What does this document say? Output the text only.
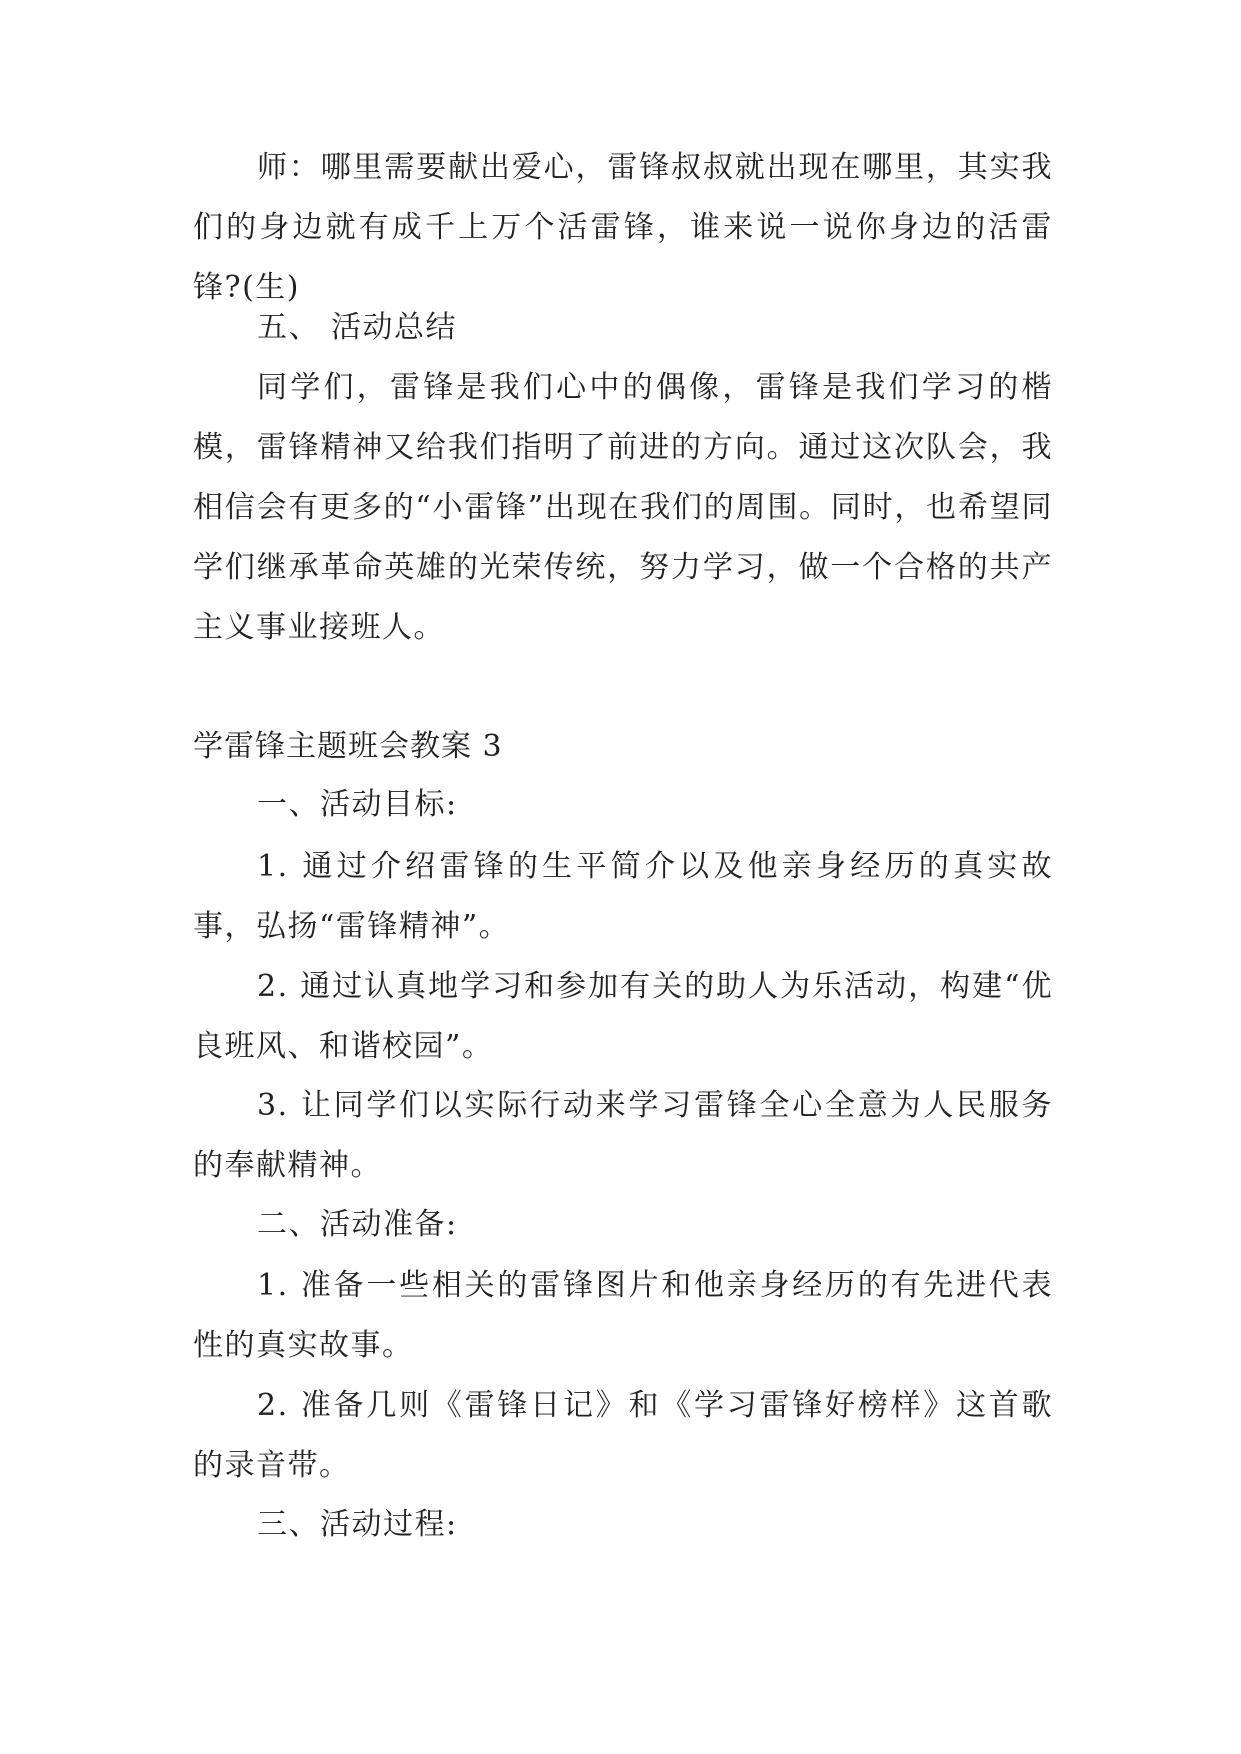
师：哪里需要献出爱心，雷锋叔叔就出现在哪里，其实我们的身边就有成千上万个活雷锋，谁来说一说你身边的活雷锋?(生)

五、 活动总结

同学们，雷锋是我们心中的偶像，雷锋是我们学习的楷模，雷锋精神又给我们指明了前进的方向。通过这次队会，我相信会有更多的“小雷锋”出现在我们的周围。同时，也希望同学们继承革命英雄的光荣传统，努力学习，做一个合格的共产主义事业接班人。

学雷锋主题班会教案 3

一、活动目标:

1. 通过介绍雷锋的生平简介以及他亲身经历的真实故事，弘扬“雷锋精神”。

2. 通过认真地学习和参加有关的助人为乐活动，构建“优良班风、和谐校园”。

3. 让同学们以实际行动来学习雷锋全心全意为人民服务的奉献精神。

二、活动准备:

1. 准备一些相关的雷锋图片和他亲身经历的有先进代表性的真实故事。

2. 准备几则《雷锋日记》和《学习雷锋好榜样》这首歌的录音带。

三、活动过程:
